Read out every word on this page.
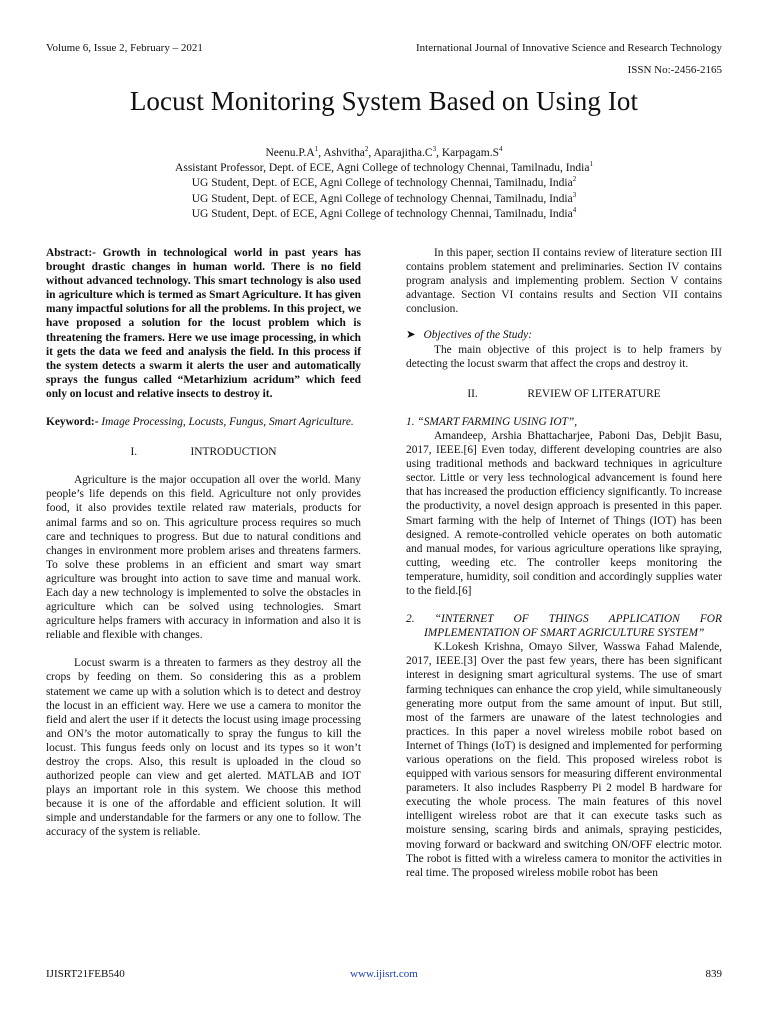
Volume 6, Issue 2, February – 2021	International Journal of Innovative Science and Research Technology
ISSN No:-2456-2165
Locust Monitoring System Based on Using Iot
$Neenu.P.A^1$, Ashvitha$^2$, $Aparajitha.C^3$, $Karpagam.S^4$
Assistant Professor, Dept. of ECE, Agni College of technology Chennai, Tamilnadu, India$^1$
UG Student, Dept. of ECE, Agni College of technology Chennai, Tamilnadu, India$^2$
UG Student, Dept. of ECE, Agni College of technology Chennai, Tamilnadu, India$^3$
UG Student, Dept. of ECE, Agni College of technology Chennai, Tamilnadu, India$^4$

Abstract:- Growth in technological world in past years has brought drastic changes in human world. There is no field without advanced technology. This smart technology is also used in agriculture which is termed as Smart Agriculture. It has given many impactful solutions for all the problems. In this project, we have proposed a solution for the locust problem which is threatening the framers. Here we use image processing, in which it gets the data we feed and analysis the field. In this process if the system detects a swarm it alerts the user and automatically sprays the fungus called “Metarhizium acridum” which feed only on locust and relative insects to destroy it.

Keyword:- Image Processing, Locusts, Fungus, Smart Agriculture.

I.	INTRODUCTION

Agriculture is the major occupation all over the world. Many people’s life depends on this field. Agriculture not only provides food, it also provides textile related raw materials, products for animal farms and so on. This agriculture process requires so much care and techniques to progress. But due to natural conditions and changes in environment more problem arises and threatens farmers. To solve these problems in an efficient and smart way smart agriculture was brought into action to save time and manual work. Each day a new technology is implemented to solve the obstacles in agriculture which can be solved using technologies. Smart agriculture helps framers with accuracy in information and also it is reliable and flexible with changes.

Locust swarm is a threaten to farmers as they destroy all the crops by feeding on them. So considering this as a problem statement we came up with a solution which is to detect and destroy the locust in an efficient way. Here we use a camera to monitor the field and alert the user if it detects the locust using image processing and ON’s the motor automatically to spray the fungus to kill the locust. This fungus feeds only on locust and its types so it won’t destroy the crops. Also, this result is uploaded in the cloud so authorized people can view and get alerted. MATLAB and IOT plays an important role in this system. We choose this method because it is one of the affordable and efficient solution. It will simple and understandable for the farmers or any one to follow. The accuracy of the system is reliable.

In this paper, section II contains review of literature section III contains problem statement and preliminaries. Section IV contains program analysis and implementing problem. Section V contains advantage. Section VI contains results and Section VII contains conclusion.

➤ Objectives of the Study:

The main objective of this project is to help framers by detecting the locust swarm that affect the crops and destroy it.

II.	REVIEW OF LITERATURE

1. “SMART FARMING USING IOT”,

Amandeep, Arshia Bhattacharjee, Paboni Das, Debjit Basu, 2017, IEEE.[6] Even today, different developing countries are also using traditional methods and backward techniques in agriculture sector. Little or very less technological advancement is found here that has increased the production efficiency significantly. To increase the productivity, a novel design approach is presented in this paper. Smart farming with the help of Internet of Things (IOT) has been designed. A remote-controlled vehicle operates on both automatic and manual modes, for various agriculture operations like spraying, cutting, weeding etc. The controller keeps monitoring the temperature, humidity, soil condition and accordingly supplies water to the field.[6]

2. “INTERNET OF THINGS APPLICATION FOR IMPLEMENTATION OF SMART AGRICULTURE SYSTEM”

K.Lokesh Krishna, Omayo Silver, Wasswa Fahad Malende, 2017, IEEE.[3] Over the past few years, there has been significant interest in designing smart agricultural systems. The use of smart farming techniques can enhance the crop yield, while simultaneously generating more output from the same amount of input. But still, most of the farmers are unaware of the latest technologies and practices. In this paper a novel wireless mobile robot based on Internet of Things (IoT) is designed and implemented for performing various operations on the field. This proposed wireless robot is equipped with various sensors for measuring different environmental parameters. It also includes Raspberry Pi 2 model B hardware for executing the whole process. The main features of this novel intelligent wireless robot are that it can execute tasks such as moisture sensing, scaring birds and animals, spraying pesticides, moving forward or backward and switching ON/OFF electric motor. The robot is fitted with a wireless camera to monitor the activities in real time. The proposed wireless mobile robot has been

IJISRT21FEB540	www.ijisrt.com	839
